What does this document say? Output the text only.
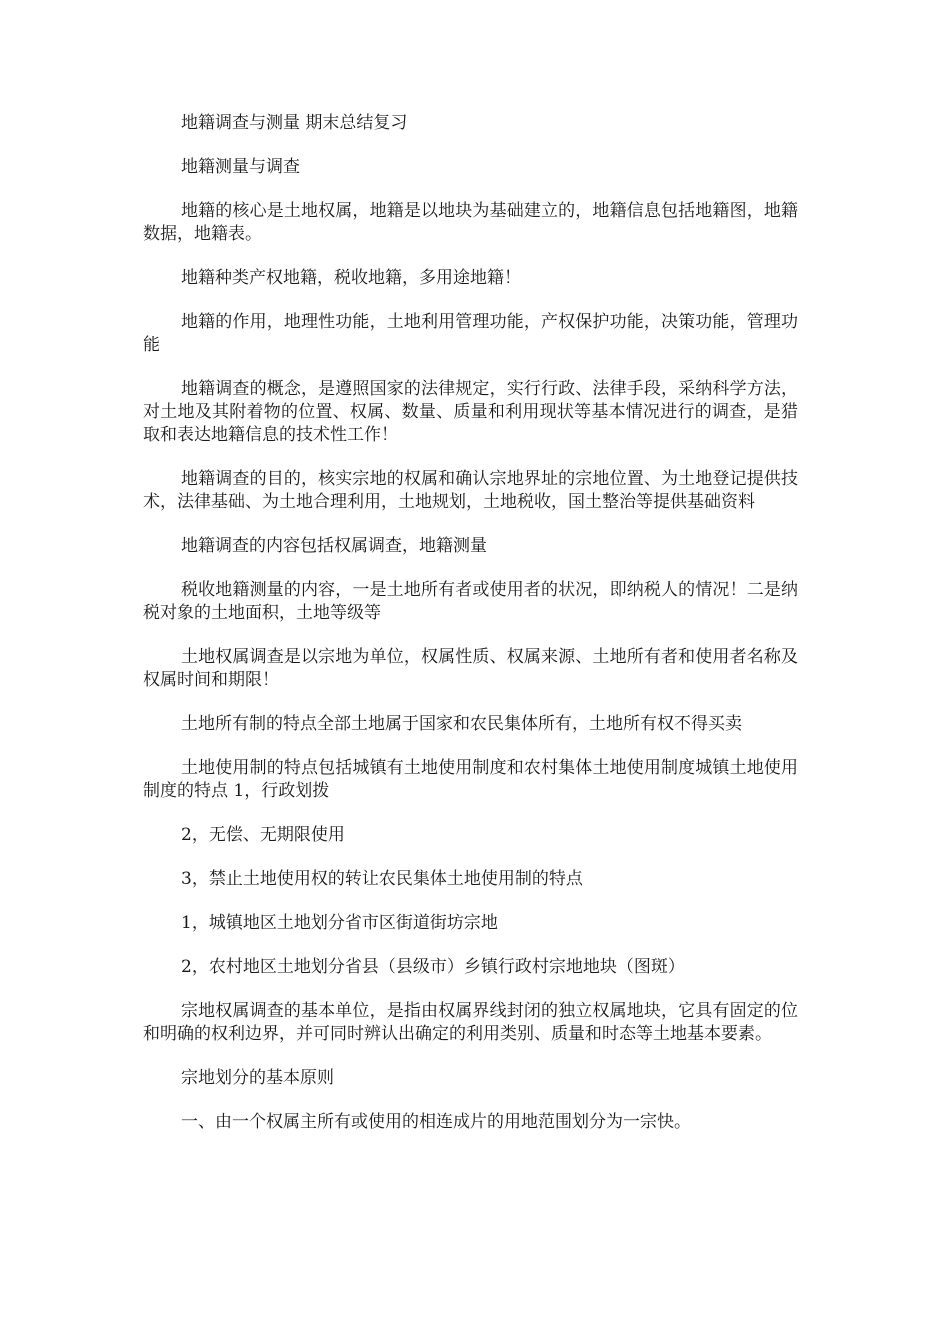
地籍调查与测量 期末总结复习

地籍测量与调查

地籍的核心是土地权属，地籍是以地块为基础建立的，地籍信息包括地籍图，地籍数据，地籍表。

地籍种类产权地籍，税收地籍，多用途地籍！

地籍的作用，地理性功能，土地利用管理功能，产权保护功能，决策功能，管理功能

地籍调查的概念，是遵照国家的法律规定，实行行政、法律手段，采纳科学方法，对土地及其附着物的位置、权属、数量、质量和利用现状等基本情况进行的调查，是猎取和表达地籍信息的技术性工作！

地籍调查的目的，核实宗地的权属和确认宗地界址的宗地位置、为土地登记提供技术，法律基础、为土地合理利用，土地规划，土地税收，国土整治等提供基础资料

地籍调查的内容包括权属调查，地籍测量

税收地籍测量的内容，一是土地所有者或使用者的状况，即纳税人的情况！二是纳税对象的土地面积，土地等级等

土地权属调查是以宗地为单位，权属性质、权属来源、土地所有者和使用者名称及权属时间和期限！

土地所有制的特点全部土地属于国家和农民集体所有，土地所有权不得买卖

土地使用制的特点包括城镇有土地使用制度和农村集体土地使用制度城镇土地使用制度的特点 1，行政划拨

2，无偿、无期限使用

3，禁止土地使用权的转让农民集体土地使用制的特点

1，城镇地区土地划分省市区街道街坊宗地

2，农村地区土地划分省县（县级市）乡镇行政村宗地地块（图斑）

宗地权属调查的基本单位，是指由权属界线封闭的独立权属地块，它具有固定的位和明确的权利边界，并可同时辨认出确定的利用类别、质量和时态等土地基本要素。

宗地划分的基本原则

一、由一个权属主所有或使用的相连成片的用地范围划分为一宗快。
